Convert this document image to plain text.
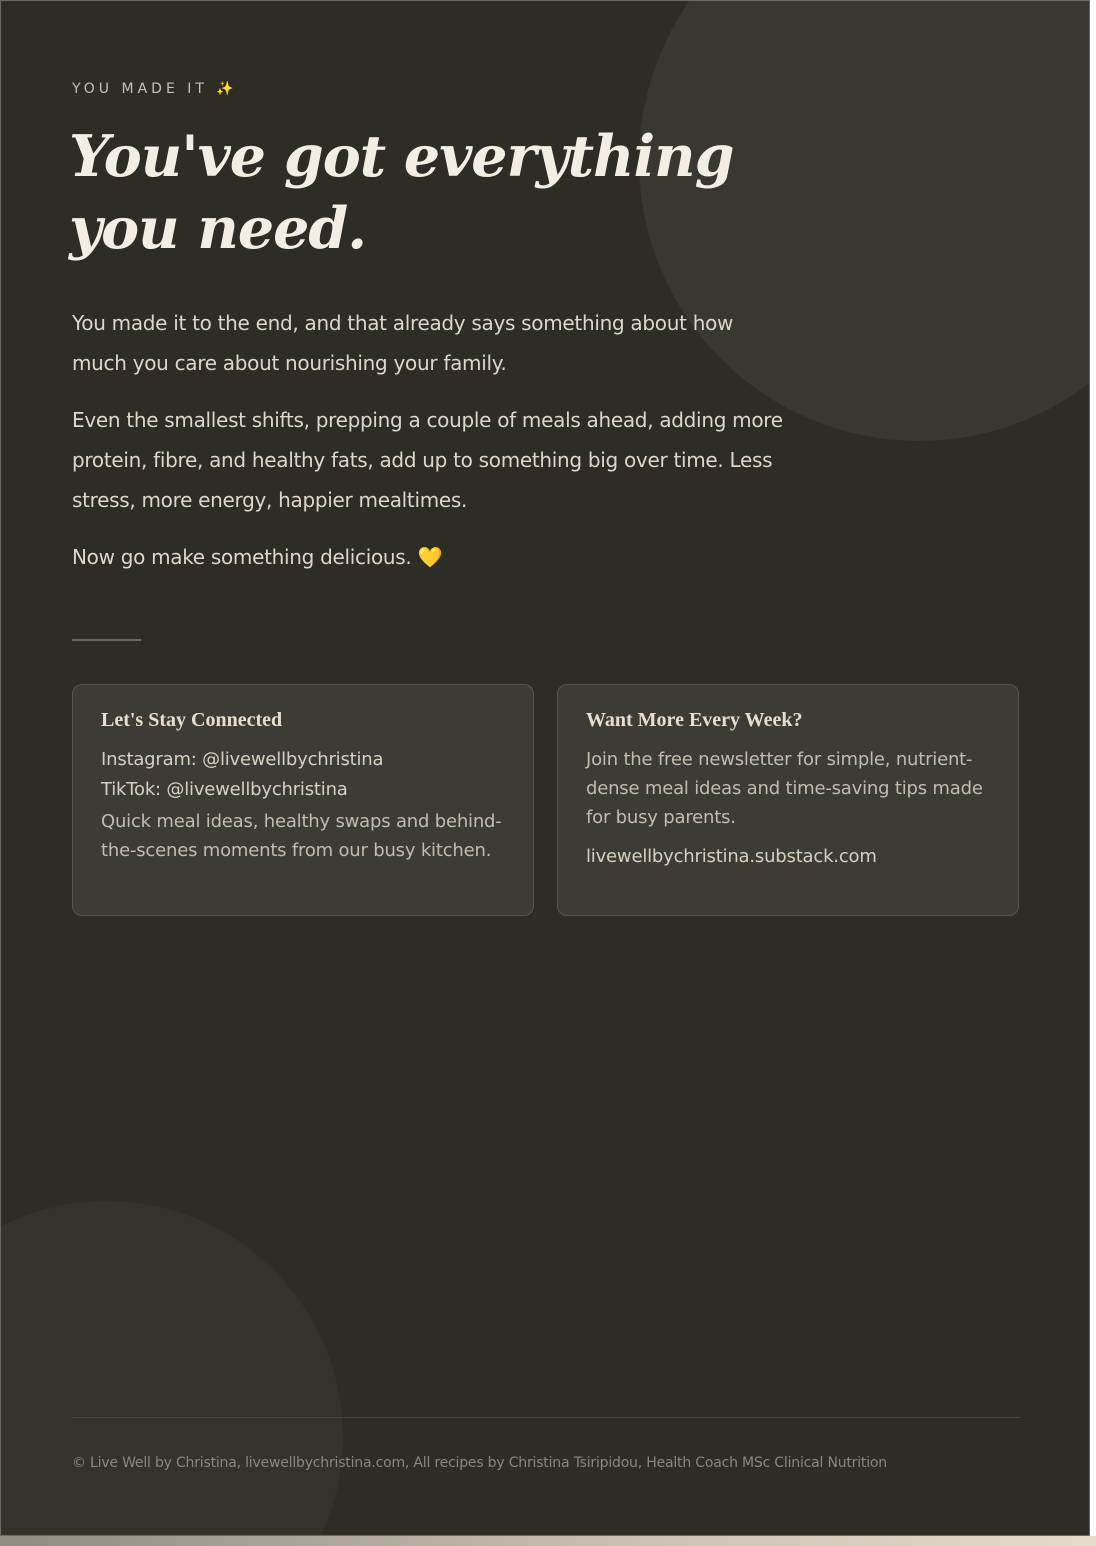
YOU MADE IT ✨
You've got everything
you need.

You made it to the end, and that already says something about how much you care about nourishing your family.

Even the smallest shifts, prepping a couple of meals ahead, adding more protein, fibre, and healthy fats, add up to something big over time. Less stress, more energy, happier mealtimes.

Now go make something delicious. 💛

Let's Stay Connected
Instagram: @livewellbychristina
TikTok: @livewellbychristina
Quick meal ideas, healthy swaps and behind-the-scenes moments from our busy kitchen.
Want More Every Week?
Join the free newsletter for simple, nutrient-dense meal ideas and time-saving tips made for busy parents.
livewellbychristina.substack.com
© Live Well by Christina, livewellbychristina.com, All recipes by Christina Tsiripidou, Health Coach MSc Clinical Nutrition
